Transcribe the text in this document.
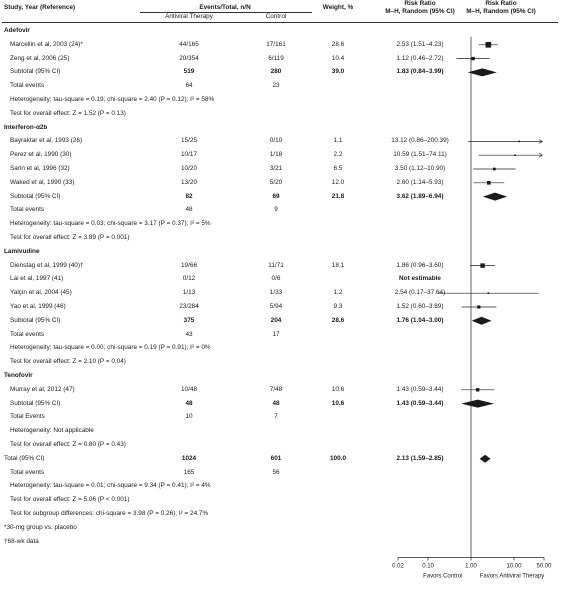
Study, Year (Reference)	Events/Total, n/N
Antiviral Therapy	Control
Weight, %
Risk Ratio
M–H, Random (95% CI)
Risk Ratio
M–H, Random (95% CI)
Adefovir
Marcellin et al, 2003 (24)*	44/165	17/161	28.6	2.53 (1.51–4.23)
Zeng et al, 2006 (25)	20/354	6/119	10.4	1.12 (0.46–2.72)
Subtotal (95% CI)	519	280	39.0	1.83 (0.84–3.99)
Total events	64	23
Heterogeneity: tau-square = 0.19; chi-square = 2.40 (P = 0.12); I² = 58%
Test for overall effect: Z = 1.52 (P = 0.13)
Interferon-α2b
Bayraktar et al, 1993 (26)	15/25	0/10	1.1	13.12 (0.86–200.39)
Perez et al, 1990 (30)	10/17	1/18	2.2	10.59 (1.51–74.11)
Sarin et al, 1996 (32)	10/20	3/21	6.5	3.50 (1.12–10.90)
Waked et al, 1990 (33)	13/20	5/20	12.0	2.60 (1.14–5.93)
Subtotal (95% CI)	82	69	21.8	3.62 (1.89–6.94)
Total events	48	9
Heterogeneity: tau-square = 0.03; chi-square = 3.17 (P = 0.37); I² = 5%
Test for overall effect: Z = 3.89 (P = 0.001)
Lamivudine
Dienstag et al, 1999 (40)†	19/66	11/71	18.1	1.86 (0.96–3.60)
Lai et al, 1997 (41)	0/12	0/6	Not estimable
Yalçin et al, 2004 (45)	1/13	1/33	1.2	2.54 (0.17–37.64)
Yao et al, 1999 (46)	23/284	5/94	9.3	1.52 (0.60–3.89)
Subtotal (95% CI)	375	204	28.6	1.76 (1.04–3.00)
Total events	43	17
Heterogeneity: tau-square = 0.00; chi-square = 0.19 (P = 0.91); I² = 0%
Test for overall effect: Z = 2.10 (P = 0.04)
Tenofovir
Murray et al, 2012 (47)	10/48	7/48	10.6	1.43 (0.59–3.44)
Subtotal (95% CI)	48	48	10.6	1.43 (0.59–3.44)
Total Events	10	7
Heterogeneity: Not applicable
Test for overall effect: Z = 0.80 (P = 0.43)
Total (95% CI)	1024	601	100.0	2.13 (1.59–2.85)
Total events	165	56
Heterogeneity: tau-square = 0.01; chi-square = 9.34 (P = 0.41); I² = 4%
Test for overall effect: Z = 5.06 (P < 0.001)
Test for subgroup differences: chi-square = 3.98 (P = 0.26); I² = 24.7%
*30-mg group vs. placebo
†68-wk data
0.02	0.10	1.00	10.00	50.00
Favors Control	Favors Antiviral Therapy
